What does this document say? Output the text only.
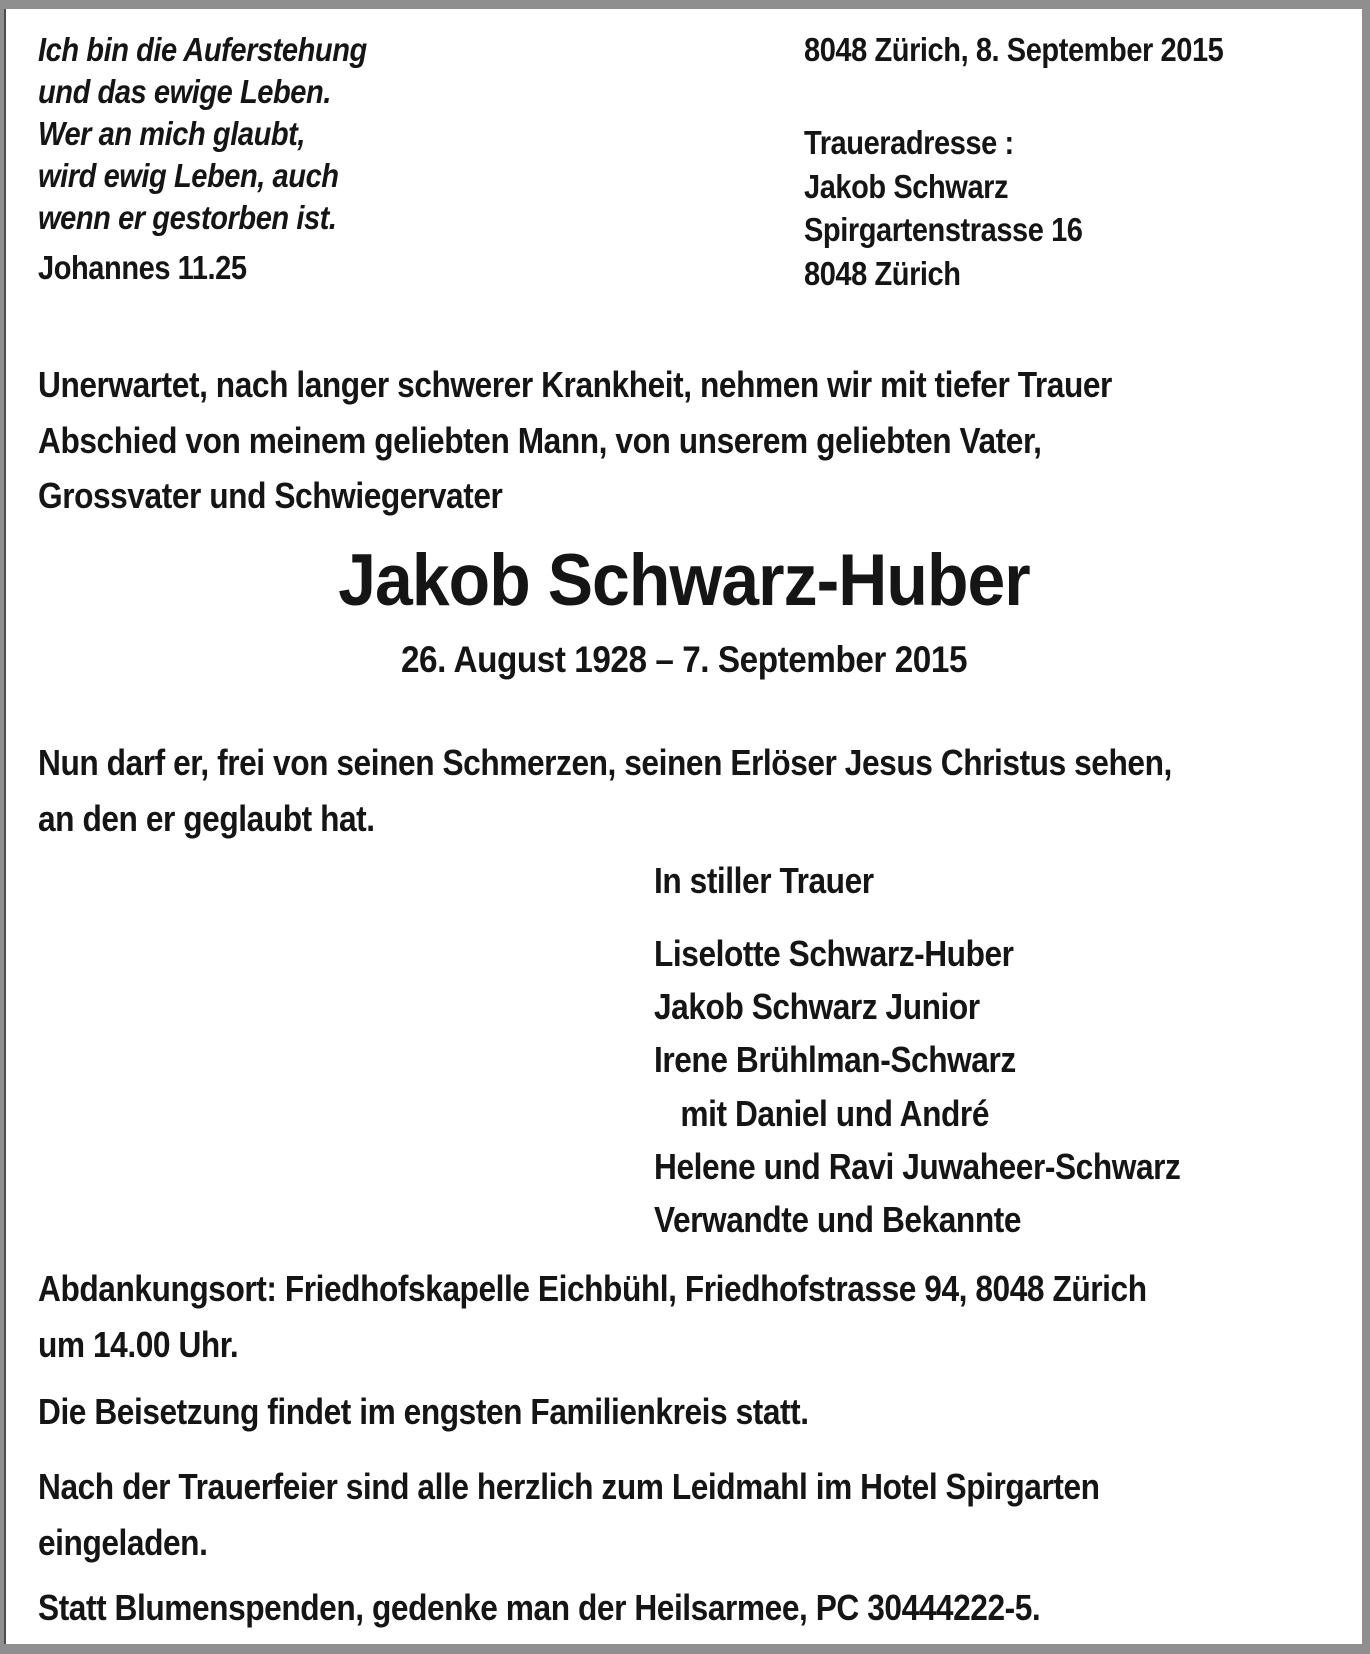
Ich bin die Auferstehung
und das ewige Leben.
Wer an mich glaubt,
wird ewig Leben, auch
wenn er gestorben ist.
Johannes 11.25
8048 Zürich, 8. September 2015
Traueradresse :
Jakob Schwarz
Spirgartenstrasse 16
8048 Zürich
Unerwartet, nach langer schwerer Krankheit, nehmen wir mit tiefer Trauer
Abschied von meinem geliebten Mann, von unserem geliebten Vater,
Grossvater und Schwiegervater
Jakob Schwarz-Huber
26. August 1928 – 7. September 2015
Nun darf er, frei von seinen Schmerzen, seinen Erlöser Jesus Christus sehen,
an den er geglaubt hat.
In stiller Trauer
Liselotte Schwarz-Huber
Jakob Schwarz Junior
Irene Brühlman-Schwarz
mit Daniel und André
Helene und Ravi Juwaheer-Schwarz
Verwandte und Bekannte
Abdankungsort: Friedhofskapelle Eichbühl, Friedhofstrasse 94, 8048 Zürich
um 14.00 Uhr.
Die Beisetzung findet im engsten Familienkreis statt.
Nach der Trauerfeier sind alle herzlich zum Leidmahl im Hotel Spirgarten
eingeladen.
Statt Blumenspenden, gedenke man der Heilsarmee, PC 30444222-5.
